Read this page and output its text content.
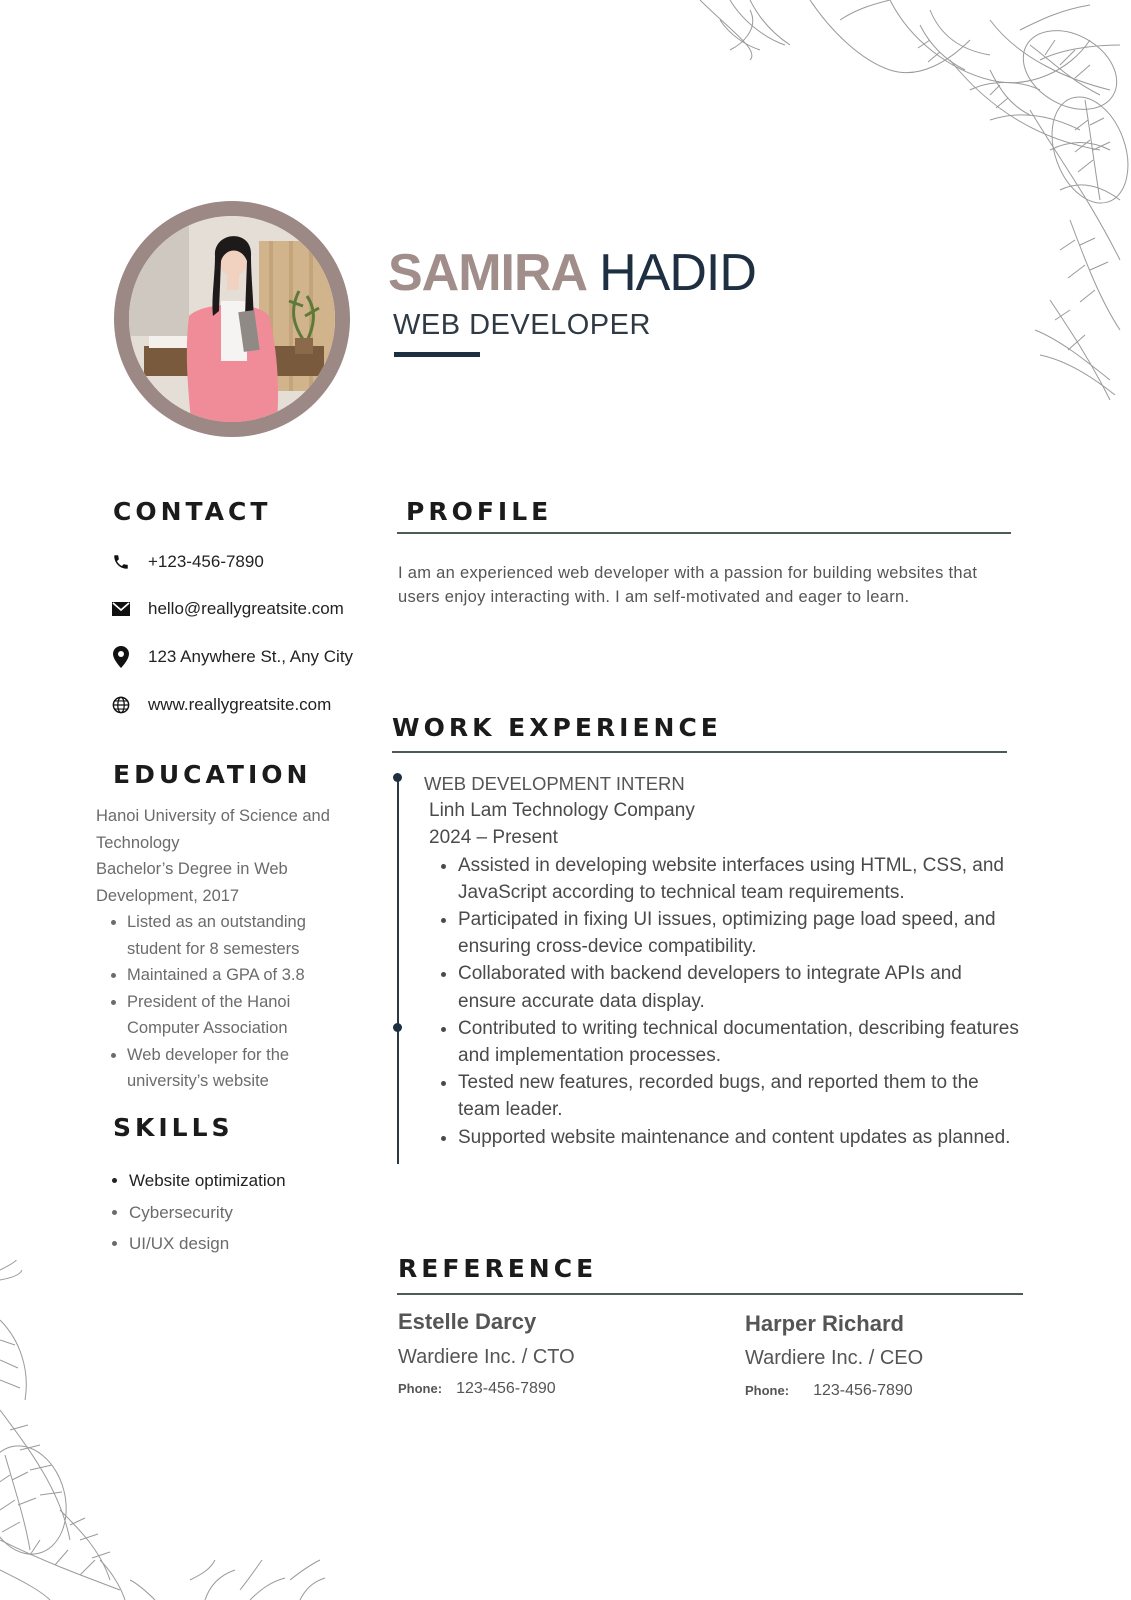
SAMIRA HADID
WEB DEVELOPER
CONTACT
+123-456-7890
hello@reallygreatsite.com
123 Anywhere St., Any City
www.reallygreatsite.com
EDUCATION

Hanoi University of Science and Technology

Bachelor’s Degree in Web Development, 2017

• Listed as an outstanding student for 8 semesters
• Maintained a GPA of 3.8
• President of the Hanoi Computer Association
• Web developer for the university’s website
SKILLS
• Website optimization
• Cybersecurity
• UI/UX design
PROFILE
I am an experienced web developer with a passion for building websites that users enjoy interacting with. I am self-motivated and eager to learn.
WORK EXPERIENCE
WEB DEVELOPMENT INTERN
Linh Lam Technology Company
2024 – Present
• Assisted in developing website interfaces using HTML, CSS, and JavaScript according to technical team requirements.
• Participated in fixing UI issues, optimizing page load speed, and ensuring cross-device compatibility.
• Collaborated with backend developers to integrate APIs and ensure accurate data display.
• Contributed to writing technical documentation, describing features and implementation processes.
• Tested new features, recorded bugs, and reported them to the team leader.
• Supported website maintenance and content updates as planned.
REFERENCE
Estelle Darcy
Wardiere Inc. / CTO
Phone: 123-456-7890
Harper Richard
Wardiere Inc. / CEO
Phone: 123-456-7890
